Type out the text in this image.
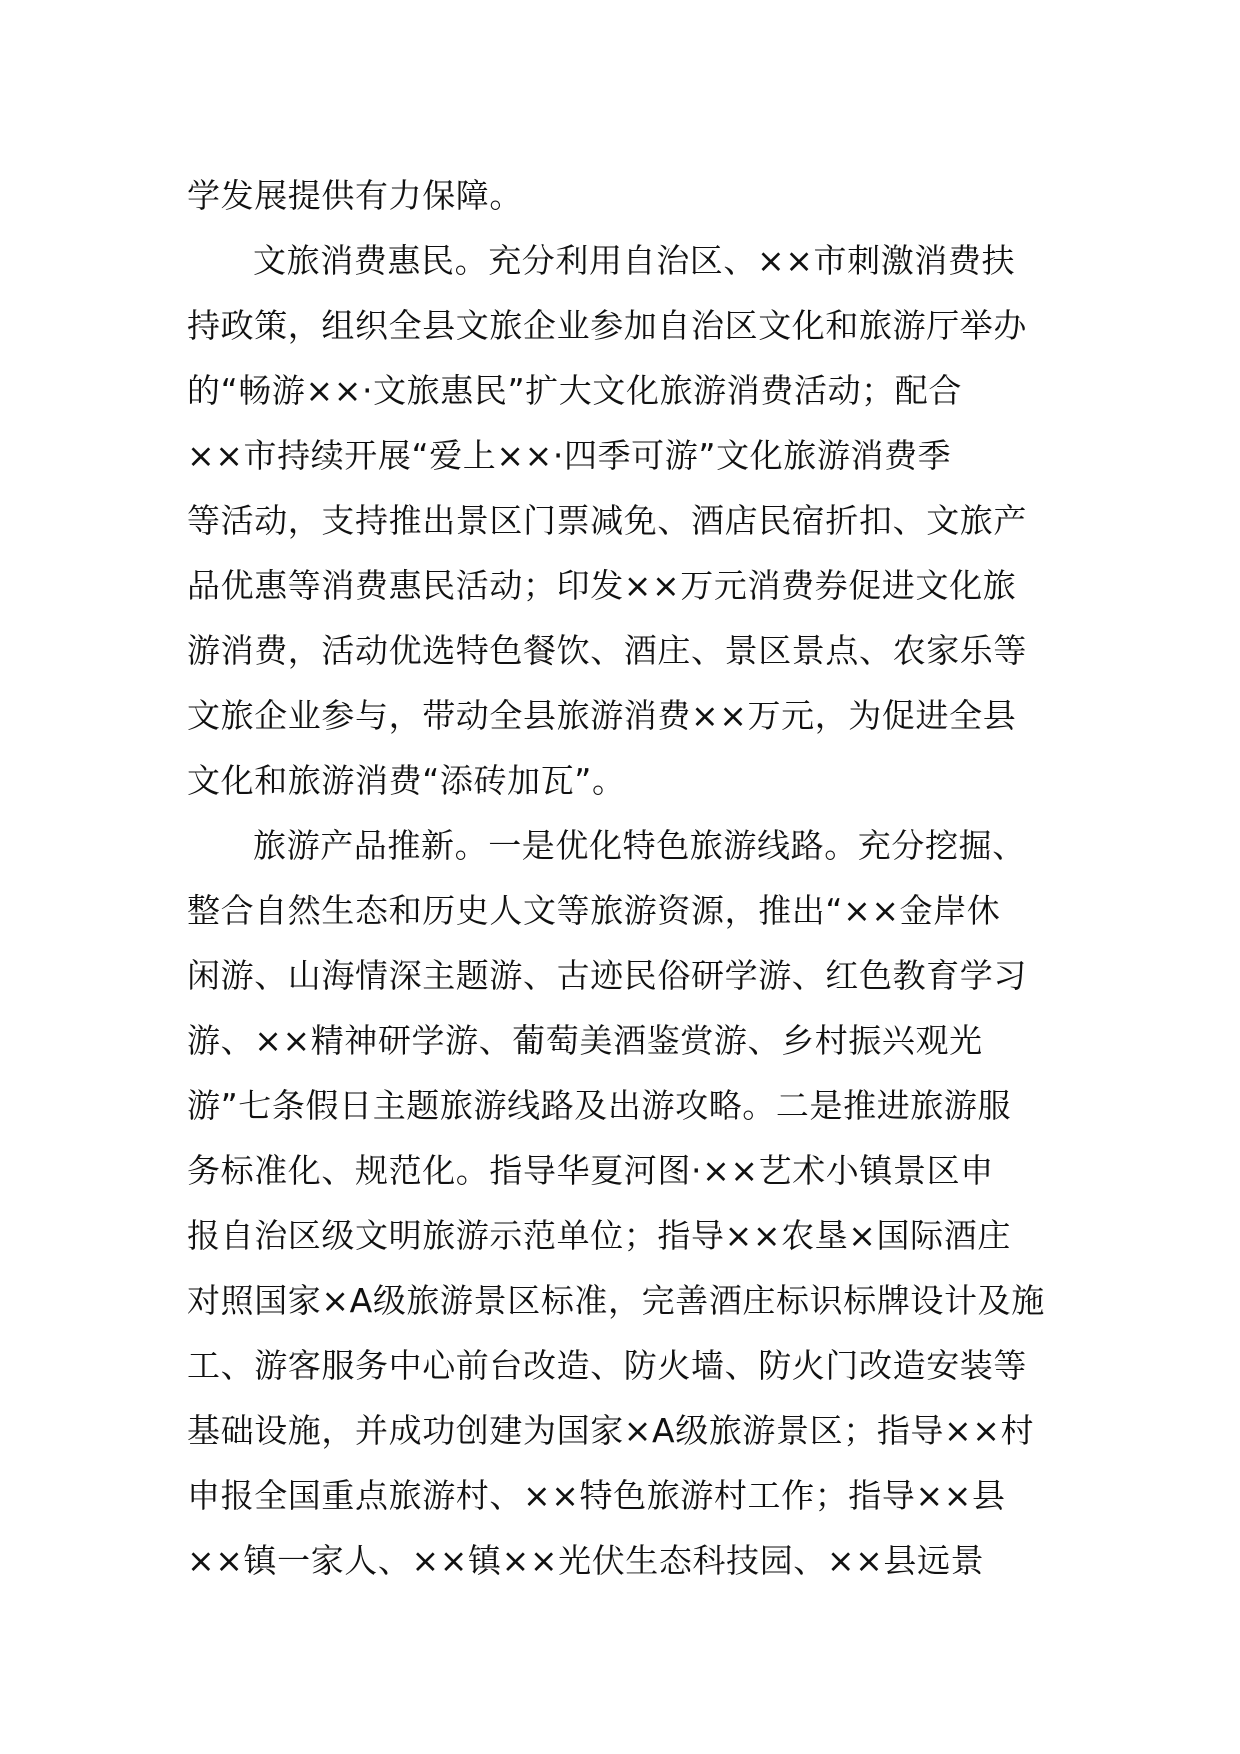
学发展提供有力保障。
文旅消费惠民。充分利用自治区、××市刺激消费扶
持政策，组织全县文旅企业参加自治区文化和旅游厅举办
的“畅游××·文旅惠民”扩大文化旅游消费活动；配合
××市持续开展“爱上××·四季可游”文化旅游消费季
等活动，支持推出景区门票减免、酒店民宿折扣、文旅产
品优惠等消费惠民活动；印发××万元消费券促进文化旅
游消费，活动优选特色餐饮、酒庄、景区景点、农家乐等
文旅企业参与，带动全县旅游消费××万元，为促进全县
文化和旅游消费“添砖加瓦”。
旅游产品推新。一是优化特色旅游线路。充分挖掘、
整合自然生态和历史人文等旅游资源，推出“××金岸休
闲游、山海情深主题游、古迹民俗研学游、红色教育学习
游、××精神研学游、葡萄美酒鉴赏游、乡村振兴观光
游”七条假日主题旅游线路及出游攻略。二是推进旅游服
务标准化、规范化。指导华夏河图·××艺术小镇景区申
报自治区级文明旅游示范单位；指导××农垦×国际酒庄
对照国家×A级旅游景区标准，完善酒庄标识标牌设计及施
工、游客服务中心前台改造、防火墙、防火门改造安装等
基础设施，并成功创建为国家×A级旅游景区；指导××村
申报全国重点旅游村、××特色旅游村工作；指导××县
××镇一家人、××镇××光伏生态科技园、××县远景
